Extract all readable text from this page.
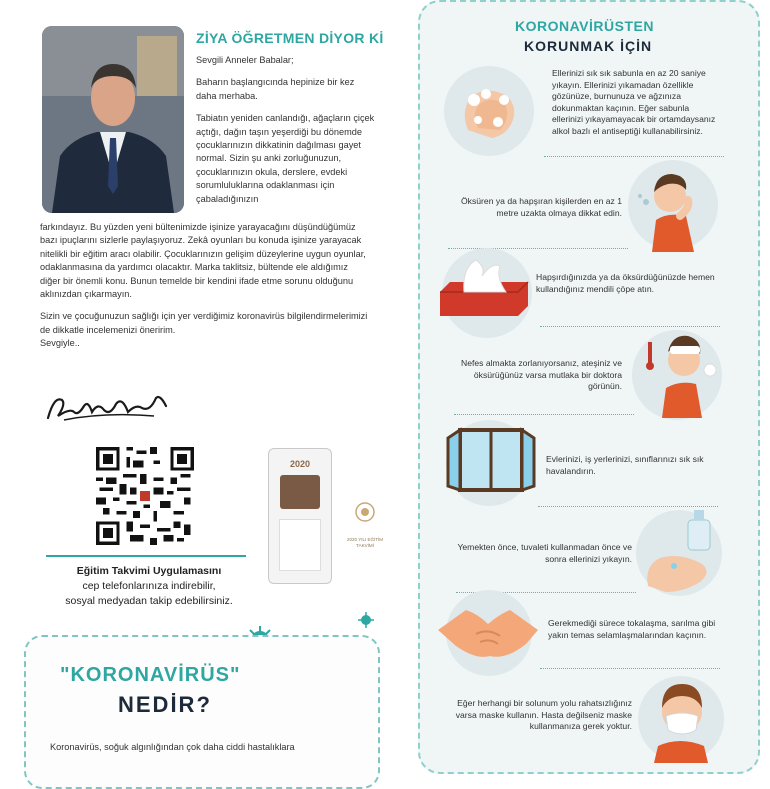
ZİYA ÖĞRETMEN DİYOR Kİ

Sevgili Anneler Babalar;

Baharın başlangıcında hepinize bir kez daha merhaba.

Tabiatın yeniden canlandığı, ağaçların çiçek açtığı, dağın taşın yeşerdiği bu dönemde çocuklarınızın dikkatinin dağılması gayet normal. Sizin şu anki zorluğunuzun, çocuklarınızın okula, derslere, evdeki sorumluluklarına odaklanması için çabaladığınızın

farkındayız. Bu yüzden yeni bültenimizde işinize yarayacağını düşündüğümüz bazı ipuçlarını sizlerle paylaşıyoruz. Zekâ oyunları bu konuda işinize yarayacak nitelikli bir eğitim aracı olabilir. Çocuklarınızın gelişim düzeylerine uygun oyunlar, odaklanmasına da yardımcı olacaktır. Marka taklitsiz, bültende ele aldığımız diğer bir önemli konu. Bunun temelde bir kendini ifade etme sorunu olduğunu aklınızdan çıkarmayın.

Sizin ve çocuğunuzun sağlığı için yer verdiğimiz koronavirüs bilgilendirmelerimizi de dikkatle incelemenizi öneririm.

Sevgiyle..

Eğitim Takvimi Uygulamasını
cep telefonlarınıza indirebilir,
sosyal medyadan takip edebilirsiniz.
2020
2020 YILI EĞİTİM TAKVİMİ
"KORONAVİRÜS"
NEDİR?
Koronavirüs, soğuk algınlığından çok daha ciddi hastalıklara
KORONAVİRÜSTEN
KORUNMAK İÇİN
Ellerinizi sık sık sabunla en az 20 saniye yıkayın. Ellerinizi yıkamadan özellikle gözünüze, burnunuza ve ağzınıza dokunmaktan kaçının. Eğer sabunla ellerinizi yıkayamayacak bir ortamdaysanız alkol bazlı el antiseptiği kullanabilirsiniz.
Öksüren ya da hapşıran kişilerden en az 1 metre uzakta olmaya dikkat edin.
Hapşırdığınızda ya da öksürdüğünüzde hemen kullandığınız mendili çöpe atın.
Nefes almakta zorlanıyorsanız, ateşiniz ve öksürüğünüz varsa mutlaka bir doktora görünün.
Evlerinizi, iş yerlerinizi, sınıflarınızı sık sık havalandırın.
Yemekten önce, tuvaleti kullanmadan önce ve sonra ellerinizi yıkayın.
Gerekmediği sürece tokalaşma, sarılma gibi yakın temas selamlaşmalarından kaçının.
Eğer herhangi bir solunum yolu rahatsızlığınız varsa maske kullanın. Hasta değilseniz maske kullanmanıza gerek yoktur.
